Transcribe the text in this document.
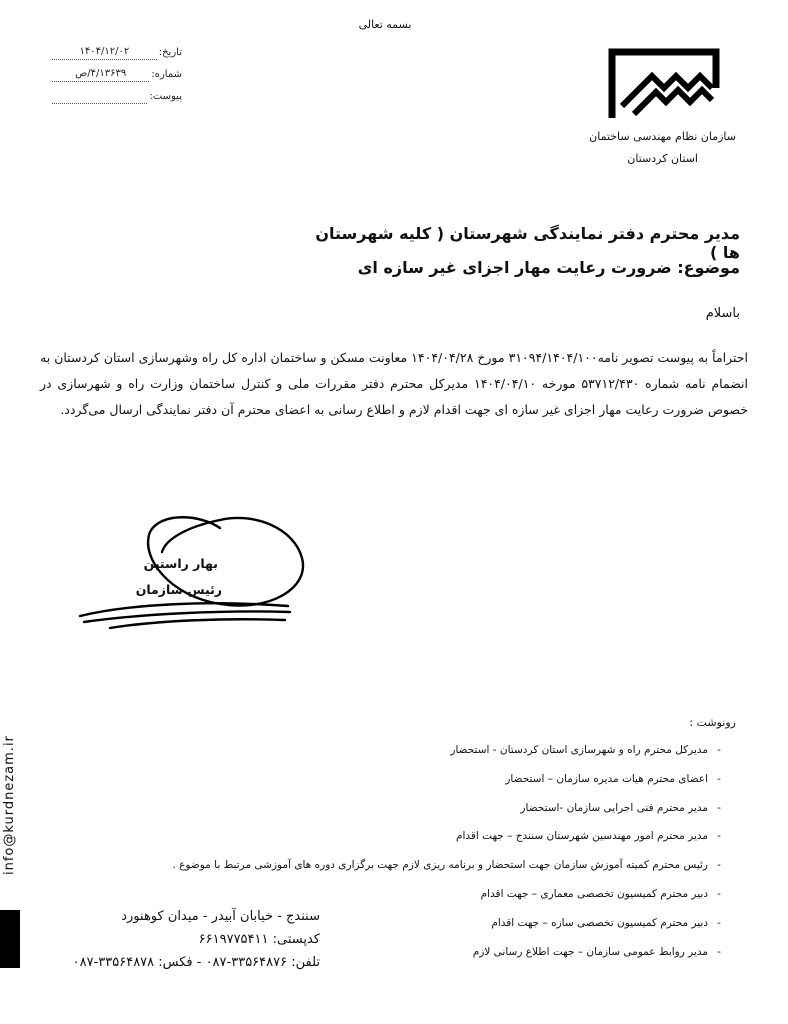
بسمه تعالی
تاریخ:
۱۴۰۴/۱۲/۰۲
شماره:
۴/۱۳۶۳۹/ص
پیوست:
سازمان نظام مهندسی ساختمان
استان کردستان
مدیر محترم دفتر نمایندگی شهرستان ( کلیه شهرستان ها )
موضوع: ضرورت رعایت مهار اجزای غیر سازه ای
باسلام
احتراماً به پیوست تصویر نامه۳۱۰۹۴/۱۴۰۴/۱۰۰ مورخ ۱۴۰۴/۰۴/۲۸ معاونت مسکن و ساختمان اداره کل راه وشهرسازی استان کردستان به انضمام نامه شماره ۵۳۷۱۲/۴۳۰ مورخه ۱۴۰۴/۰۴/۱۰ مدیرکل محترم دفتر مقررات ملی و کنترل ساختمان وزارت راه و شهرسازی در خصوص ضرورت رعایت مهار اجزای غیر سازه ای جهت اقدام لازم و اطلاع رسانی به اعضای محترم آن دفتر نمایندگی ارسال می‌گردد.
بهار راستین
رئیس سازمان
info@kurdnezam.ir
سنندج - خیابان آبیدر - میدان کوهنورد
کدپستی: ۶۶۱۹۷۷۵۴۱۱
تلفن: ۳۳۵۶۴۸۷۶-۰۸۷ - فکس: ۳۳۵۶۴۸۷۸-۰۸۷
رونوشت :
-
مدیرکل محترم راه و شهرسازی استان کردستان - استحضار
-
اعضای محترم هیات مدیره سازمان – استحضار
-
مدیر محترم فنی اجرایی سازمان -استحضار
-
مدیر محترم امور مهندسین شهرستان سنندج – جهت اقدام
-
رئیس محترم کمیته آموزش سازمان جهت استحضار و برنامه ریزی لازم جهت برگزاری دوره های آموزشی مرتبط با موضوع .
-
دبیر محترم کمیسیون تخصصی معماری – جهت اقدام
-
دبیر محترم کمیسیون تخصصی سازه – جهت اقدام
-
مدیر روابط عمومی سازمان – جهت اطلاع رسانی لازم
